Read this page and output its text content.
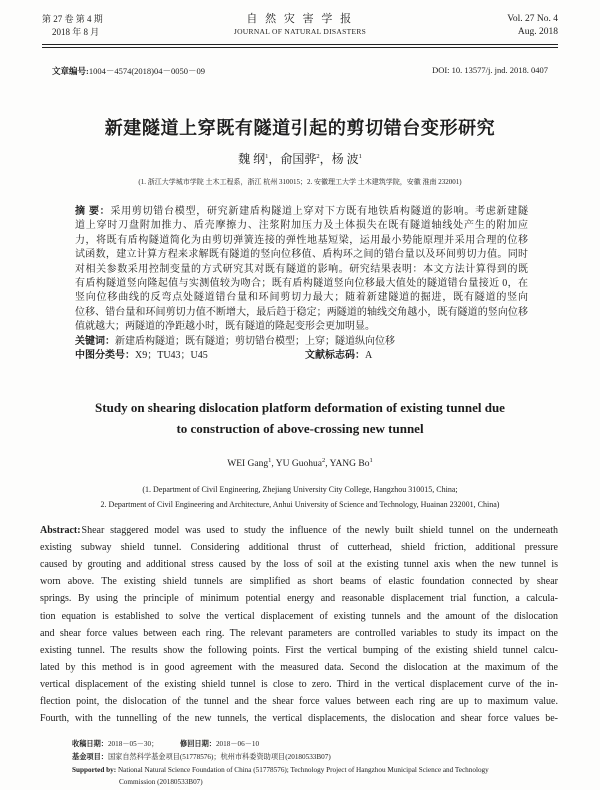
第 27 卷 第 4 期
2018 年 8 月
自 然 灾 害 学 报
JOURNAL OF NATURAL DISASTERS
Vol. 27 No. 4
Aug. 2018
文章编号:1004－4574(2018)04－0050－09	DOI: 10. 13577/j. jnd. 2018. 0407
新建隧道上穿既有隧道引起的剪切错台变形研究
魏 纲$^1$，俞国骅$^2$，杨 波$^1$
(1. 浙江大学城市学院 土木工程系，浙江 杭州 310015；2. 安徽理工大学 土木建筑学院，安徽 淮南 232001)
摘 要：采用剪切错台模型，研究新建盾构隧道上穿对下方既有地铁盾构隧道的影响。考虑新建隧
道上穿时刀盘附加推力、盾壳摩擦力、注浆附加压力及土体损失在既有隧道轴线处产生的附加应
力，将既有盾构隧道简化为由剪切弹簧连接的弹性地基短梁，运用最小势能原理并采用合理的位移
试函数，建立计算方程来求解既有隧道的竖向位移值、盾构环之间的错台量以及环间剪切力值。同时
对相关参数采用控制变量的方式研究其对既有隧道的影响。研究结果表明：本文方法计算得到的既
有盾构隧道竖向隆起值与实测值较为吻合；既有盾构隧道竖向位移最大值处的隧道错台量接近 0，在
竖向位移曲线的反弯点处隧道错台量和环间剪切力最大；随着新建隧道的掘进，既有隧道的竖向
位移、错台量和环间剪切力值不断增大，最后趋于稳定；两隧道的轴线交角越小，既有隧道的竖向位移
值就越大；两隧道的净距越小时，既有隧道的隆起变形会更加明显。
关键词：新建盾构隧道；既有隧道；剪切错台模型；上穿；隧道纵向位移
中图分类号：X9；TU43；U45	文献标志码：A
Study on shearing dislocation platform deformation of existing tunnel due
to construction of above-crossing new tunnel
WEI Gang$^1$, YU Guohua$^2$, YANG Bo$^1$
(1. Department of Civil Engineering, Zhejiang University City College, Hangzhou 310015, China;
2. Department of Civil Engineering and Architecture, Anhui University of Science and Technology, Huainan 232001, China)
Abstract:Shear staggered model was used to study the influence of the newly built shield tunnel on the underneath
existing subway shield tunnel. Considering additional thrust of cutterhead, shield friction, additional pressure
caused by grouting and additional stress caused by the loss of soil at the existing tunnel axis when the new tunnel is
worn above. The existing shield tunnels are simplified as short beams of elastic foundation connected by shear
springs. By using the principle of minimum potential energy and reasonable displacement trial function, a calcula-
tion equation is established to solve the vertical displacement of existing tunnels and the amount of the dislocation
and shear force values between each ring. The relevant parameters are controlled variables to study its impact on the
existing tunnel. The results show the following points. First the vertical bumping of the existing shield tunnel calcu-
lated by this method is in good agreement with the measured data. Second the dislocation at the maximum of the
vertical displacement of the existing shield tunnel is close to zero. Third in the vertical displacement curve of the in-
flection point, the dislocation of the tunnel and the shear force values between each ring are up to maximum value.
Fourth, with the tunnelling of the new tunnels, the vertical displacements, the dislocation and shear force values be-
收稿日期：2018－05－30；	修回日期：2018－06－10
基金项目：国家自然科学基金项目(51778576)；杭州市科委资助项目(20180533B07)
Supported by: National Natural Science Foundation of China (51778576); Technology Project of Hangzhou Municipal Science and Technology
Commission (20180533B07)
